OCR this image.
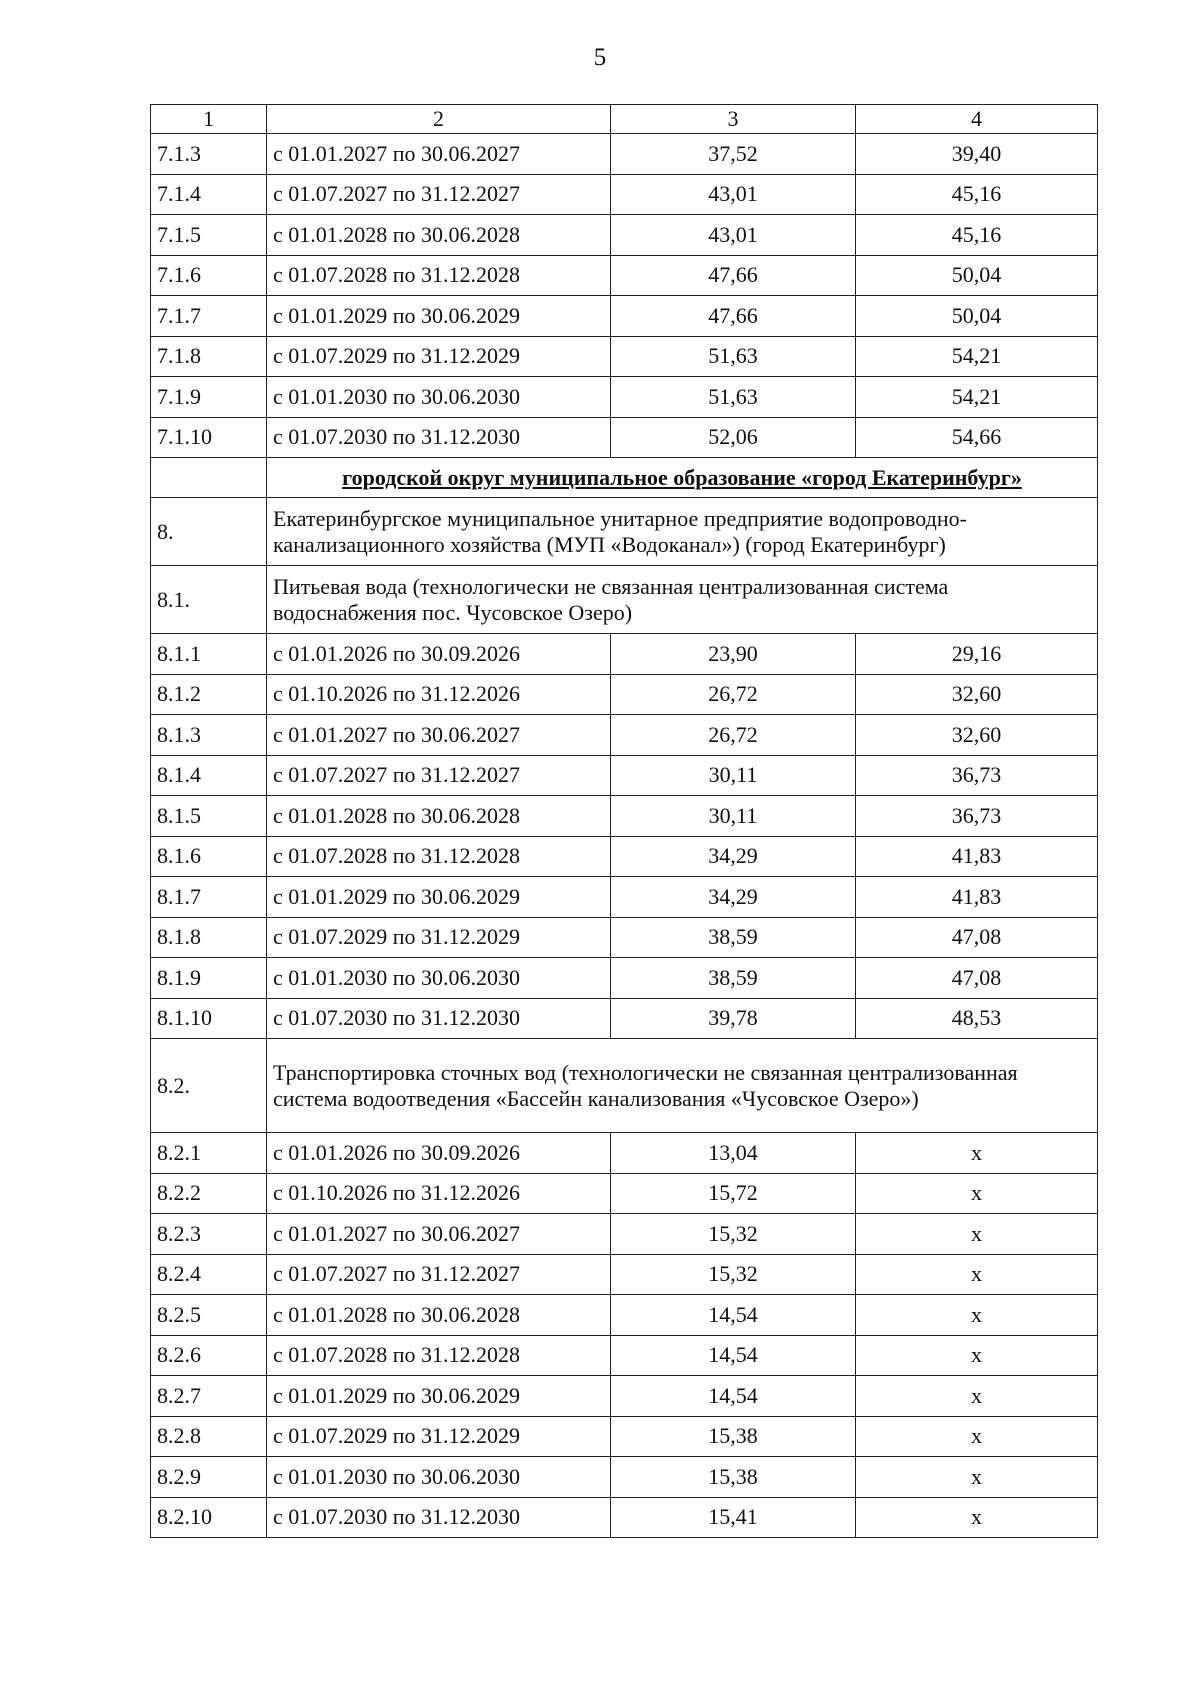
5
1	2	3	4
7.1.3	с 01.01.2027 по 30.06.2027	37,52	39,40
7.1.4	с 01.07.2027 по 31.12.2027	43,01	45,16
7.1.5	с 01.01.2028 по 30.06.2028	43,01	45,16
7.1.6	с 01.07.2028 по 31.12.2028	47,66	50,04
7.1.7	с 01.01.2029 по 30.06.2029	47,66	50,04
7.1.8	с 01.07.2029 по 31.12.2029	51,63	54,21
7.1.9	с 01.01.2030 по 30.06.2030	51,63	54,21
7.1.10	с 01.07.2030 по 31.12.2030	52,06	54,66
	городской округ муниципальное образование «город Екатеринбург»		
8.	Екатеринбургское муниципальное унитарное предприятие водопроводно-канализационного хозяйства (МУП «Водоканал») (город Екатеринбург)		
8.1.	Питьевая вода (технологически не связанная централизованная система водоснабжения пос. Чусовское Озеро)		
8.1.1	с 01.01.2026 по 30.09.2026	23,90	29,16
8.1.2	с 01.10.2026 по 31.12.2026	26,72	32,60
8.1.3	с 01.01.2027 по 30.06.2027	26,72	32,60
8.1.4	с 01.07.2027 по 31.12.2027	30,11	36,73
8.1.5	с 01.01.2028 по 30.06.2028	30,11	36,73
8.1.6	с 01.07.2028 по 31.12.2028	34,29	41,83
8.1.7	с 01.01.2029 по 30.06.2029	34,29	41,83
8.1.8	с 01.07.2029 по 31.12.2029	38,59	47,08
8.1.9	с 01.01.2030 по 30.06.2030	38,59	47,08
8.1.10	с 01.07.2030 по 31.12.2030	39,78	48,53
8.2.	Транспортировка сточных вод (технологически не связанная централизованная система водоотведения «Бассейн канализования «Чусовское Озеро»)		
8.2.1	с 01.01.2026 по 30.09.2026	13,04	х
8.2.2	с 01.10.2026 по 31.12.2026	15,72	х
8.2.3	с 01.01.2027 по 30.06.2027	15,32	х
8.2.4	с 01.07.2027 по 31.12.2027	15,32	х
8.2.5	с 01.01.2028 по 30.06.2028	14,54	х
8.2.6	с 01.07.2028 по 31.12.2028	14,54	х
8.2.7	с 01.01.2029 по 30.06.2029	14,54	х
8.2.8	с 01.07.2029 по 31.12.2029	15,38	х
8.2.9	с 01.01.2030 по 30.06.2030	15,38	х
8.2.10	с 01.07.2030 по 31.12.2030	15,41	х
